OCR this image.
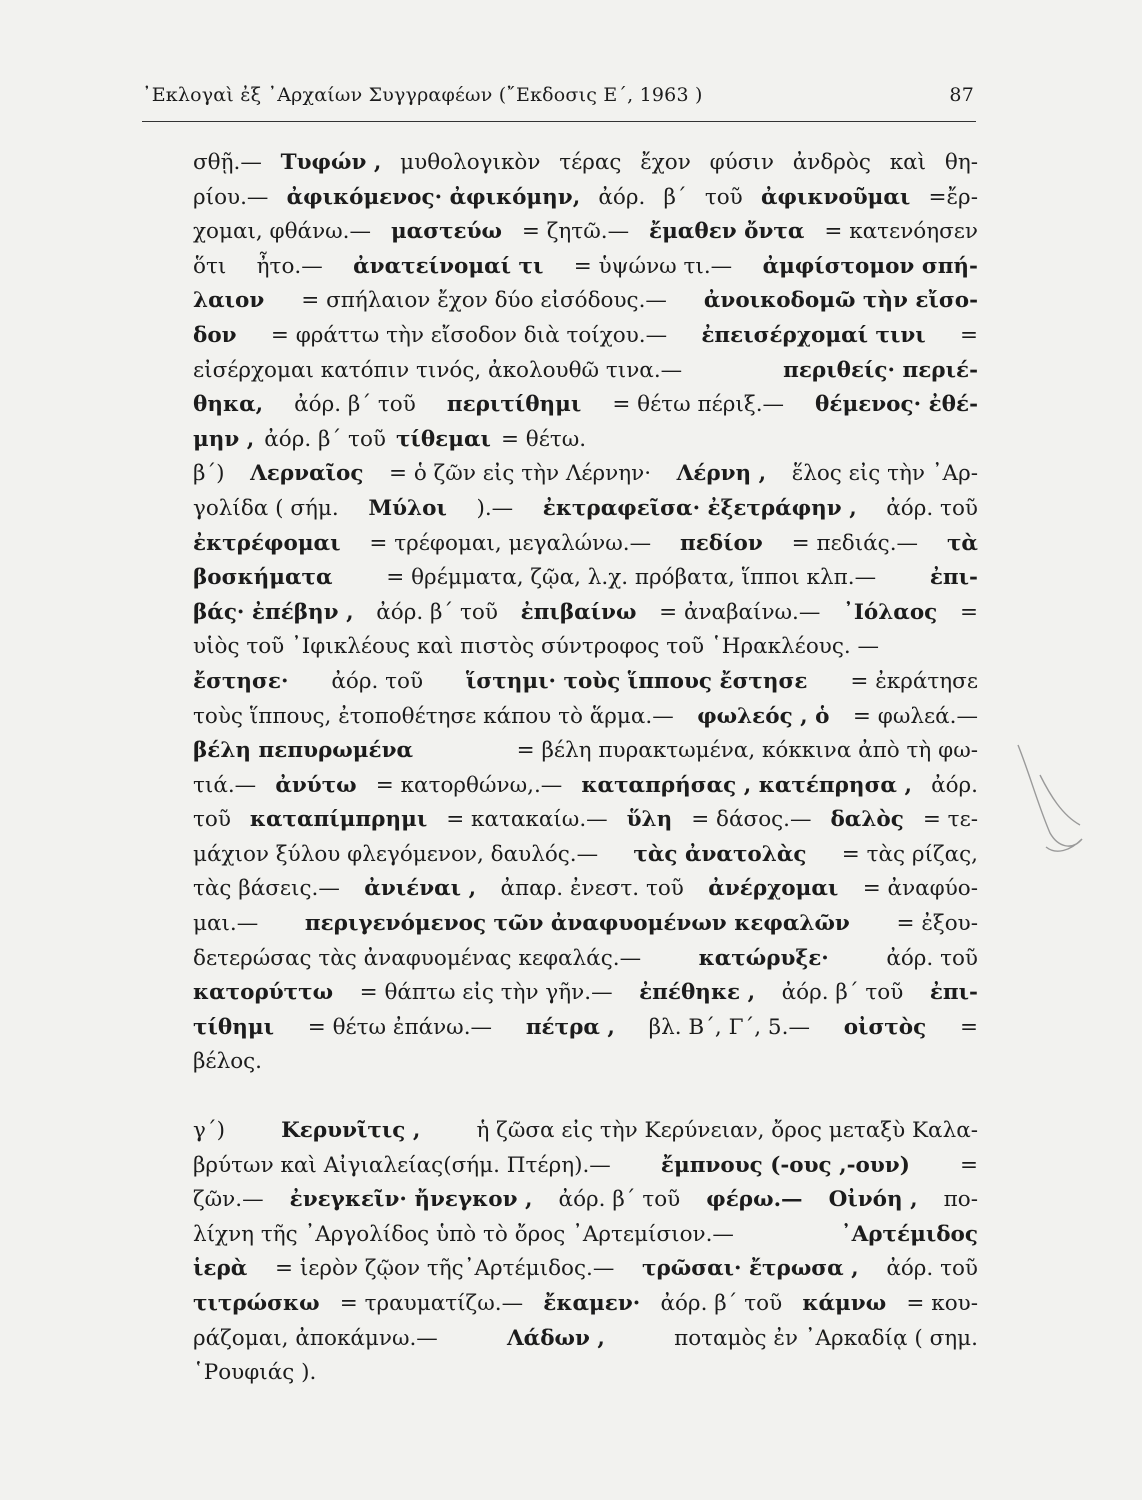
᾿Εκλογαὶ ἐξ ᾿Αρχαίων Συγγραφέων (῎Εκδοσις Ε΄, 1963 )	87
σθῇ.— Τυφών , μυθολογικὸν τέρας ἔχον φύσιν ἀνδρὸς καὶ θη-
ρίου.— ἀφικόμενος· ἀφικόμην, ἀόρ. β΄ τοῦ ἀφικνοῦμαι =ἔρ-
χομαι, φθάνω.— μαστεύω = ζητῶ.— ἔμαθεν ὄντα = κατενόησεν
ὅτι ἦτο.— ἀνατείνομαί τι = ὑψώνω τι.— ἀμφίστομον σπή-
λαιον = σπήλαιον ἔχον δύο εἰσόδους.— ἀνοικοδομῶ τὴν εἴσο-
δον = φράττω τὴν εἴσοδον διὰ τοίχου.— ἐπεισέρχομαί τινι =
εἰσέρχομαι κατόπιν τινός, ἀκολουθῶ τινα.—	περιθείς· περιέ-
θηκα, ἀόρ. β΄ τοῦ περιτίθημι = θέτω πέριξ.— θέμενος· ἐθέ-
μην , ἀόρ. β΄ τοῦ τίθεμαι = θέτω.
β΄) Λερναῖος = ὁ ζῶν εἰς τὴν Λέρνην· Λέρνη , ἕλος εἰς τὴν ᾿Αρ-
γολίδα ( σήμ. Μύλοι ).— ἐκτραφεῖσα· ἐξετράφην , ἀόρ. τοῦ
ἐκτρέφομαι = τρέφομαι, μεγαλώνω.— πεδίον = πεδιάς.— τὰ
βοσκήματα	= θρέμματα, ζῷα, λ.χ. πρόβατα, ἵπποι κλπ.—	ἐπι-
βάς· ἐπέβην , ἀόρ. β΄ τοῦ ἐπιβαίνω = ἀναβαίνω.— ᾿Ιόλαος =
υἱὸς τοῦ ᾿Ιφικλέους καὶ πιστὸς σύντροφος τοῦ ῾Ηρακλέους. —
ἔστησε· ἀόρ. τοῦ ἵστημι· τοὺς ἵππους ἔστησε = ἐκράτησε
τοὺς ἵππους, ἐτοποθέτησε κάπου τὸ ἅρμα.— φωλεός , ὁ = φωλεά.—
βέλη πεπυρωμένα	= βέλη πυρακτωμένα, κόκκινα ἀπὸ τὴ φω-
τιά.— ἀνύτω = κατορθώνω,.— καταπρήσας , κατέπρησα , ἀόρ.
τοῦ καταπίμπρημι = κατακαίω.— ὕλη = δάσος.— δαλὸς = τε-
μάχιον ξύλου φλεγόμενον, δαυλός.— τὰς ἀνατολὰς = τὰς ρίζας,
τὰς βάσεις.— ἀνιέναι , ἀπαρ. ἐνεστ. τοῦ ἀνέρχομαι = ἀναφύο-
μαι.— περιγενόμενος τῶν ἀναφυομένων κεφαλῶν = ἐξου-
δετερώσας τὰς ἀναφυομένας κεφαλάς.—	κατώρυξε·	ἀόρ. τοῦ
κατορύττω = θάπτω εἰς τὴν γῆν.— ἐπέθηκε , ἀόρ. β΄ τοῦ ἐπι-
τίθημι = θέτω ἐπάνω.— πέτρα , βλ. Β΄, Γ΄, 5.— οἰστὸς =
βέλος.
γ΄)	Κερυνῖτις ,	ἡ ζῶσα εἰς τὴν Κερύνειαν, ὄρος μεταξὺ Καλα-
βρύτων καὶ Αἰγιαλείας(σήμ. Πτέρη).— ἔμπνους (-ους ,-ουν) =
ζῶν.— ἐνεγκεῖν· ἤνεγκον , ἀόρ. β΄ τοῦ φέρω.— Οἰνόη , πο-
λίχνη τῆς ᾿Αργολίδος ὑπὸ τὸ ὄρος ᾿Αρτεμίσιον.—	᾿Αρτέμιδος
ἱερὰ = ἱερὸν ζῷον τῆς᾿Αρτέμιδος.— τρῶσαι· ἔτρωσα , ἀόρ. τοῦ
τιτρώσκω = τραυματίζω.— ἔκαμεν· ἀόρ. β΄ τοῦ κάμνω = κου-
ράζομαι, ἀποκάμνω.—	Λάδων ,	ποταμὸς ἐν ᾿Αρκαδίᾳ ( σημ.
῾Ρουφιάς ).
